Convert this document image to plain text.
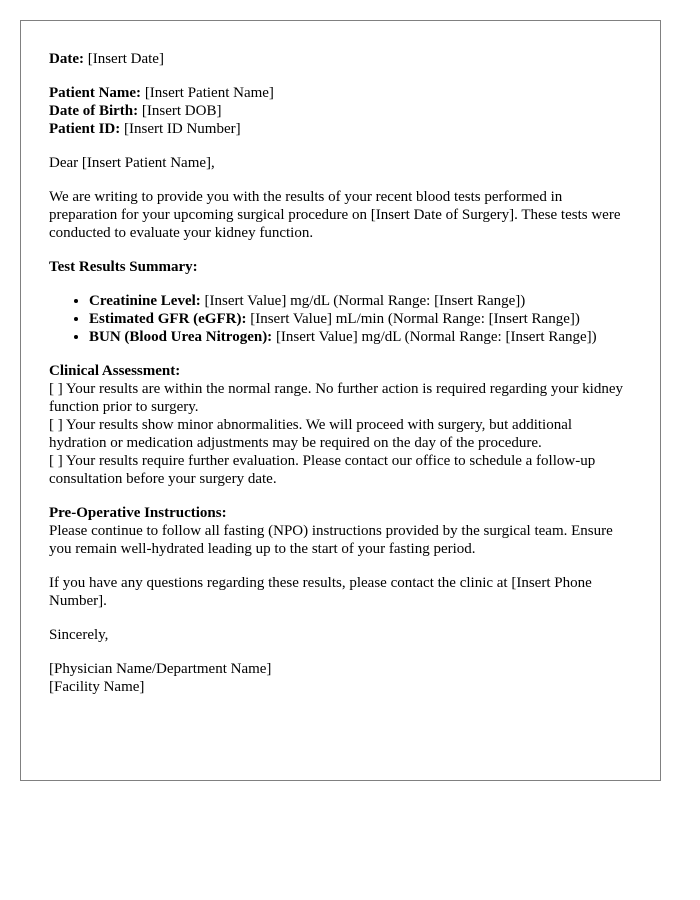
Date: [Insert Date]

Patient Name: [Insert Patient Name]
Date of Birth: [Insert DOB]
Patient ID: [Insert ID Number]

Dear [Insert Patient Name],

We are writing to provide you with the results of your recent blood tests performed in preparation for your upcoming surgical procedure on [Insert Date of Surgery]. These tests were conducted to evaluate your kidney function.

Test Results Summary:

• Creatinine Level: [Insert Value] mg/dL (Normal Range: [Insert Range])
• Estimated GFR (eGFR): [Insert Value] mL/min (Normal Range: [Insert Range])
• BUN (Blood Urea Nitrogen): [Insert Value] mg/dL (Normal Range: [Insert Range])
Clinical Assessment:
[ ] Your results are within the normal range. No further action is required regarding your kidney function prior to surgery.
[ ] Your results show minor abnormalities. We will proceed with surgery, but additional hydration or medication adjustments may be required on the day of the procedure.
[ ] Your results require further evaluation. Please contact our office to schedule a follow-up consultation before your surgery date.
Pre-Operative Instructions:
Please continue to follow all fasting (NPO) instructions provided by the surgical team. Ensure you remain well-hydrated leading up to the start of your fasting period.

If you have any questions regarding these results, please contact the clinic at [Insert Phone Number].

Sincerely,

[Physician Name/Department Name]
[Facility Name]
